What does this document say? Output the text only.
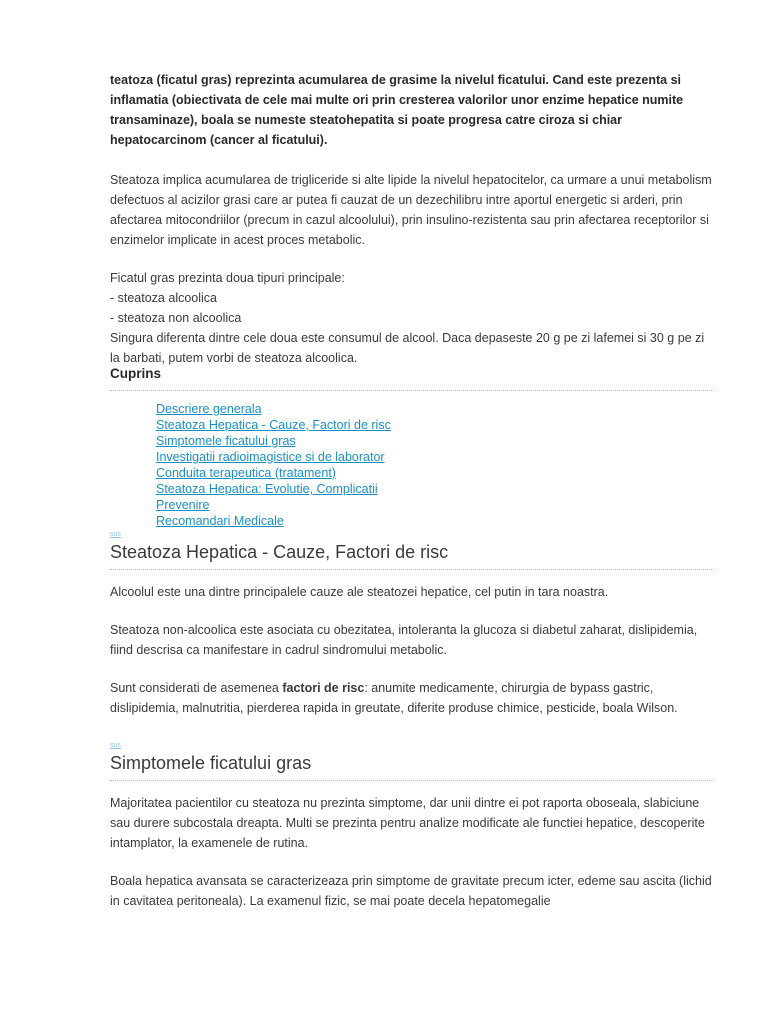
teatoza (ficatul gras) reprezinta acumularea de grasime la nivelul ficatului. Cand este prezenta si inflamatia (obiectivata de cele mai multe ori prin cresterea valorilor unor enzime hepatice numite transaminaze), boala se numeste steatohepatita si poate progresa catre ciroza si chiar hepatocarcinom (cancer al ficatului).

Steatoza implica acumularea de trigliceride si alte lipide la nivelul hepatocitelor, ca urmare a unui metabolism defectuos al acizilor grasi care ar putea fi cauzat de un dezechilibru intre aportul energetic si arderi, prin afectarea mitocondriilor (precum in cazul alcoolului), prin insulino-rezistenta sau prin afectarea receptorilor si enzimelor implicate in acest proces metabolic.

Ficatul gras prezinta doua tipuri principale:
- steatoza alcoolica
- steatoza non alcoolica
Singura diferenta dintre cele doua este consumul de alcool. Daca depaseste 20 g pe zi lafemei si 30 g pe zi la barbati, putem vorbi de steatoza alcoolica.

Cuprins
Descriere generala
Steatoza Hepatica - Cauze, Factori de risc
Simptomele ficatului gras
Investigatii radioimagistice si de laborator
Conduita terapeutica (tratament)
Steatoza Hepatica: Evolutie, Complicatii
Prevenire
Recomandari Medicale
sus
Steatoza Hepatica - Cauze, Factori de risc

Alcoolul este una dintre principalele cauze ale steatozei hepatice, cel putin in tara noastra.

Steatoza non-alcoolica este asociata cu obezitatea, intoleranta la glucoza si diabetul zaharat, dislipidemia, fiind descrisa ca manifestare in cadrul sindromului metabolic.

Sunt considerati de asemenea factori de risc: anumite medicamente, chirurgia de bypass gastric, dislipidemia, malnutritia, pierderea rapida in greutate, diferite produse chimice, pesticide, boala Wilson.

sus
Simptomele ficatului gras

Majoritatea pacientilor cu steatoza nu prezinta simptome, dar unii dintre ei pot raporta oboseala, slabiciune sau durere subcostala dreapta. Multi se prezinta pentru analize modificate ale functiei hepatice, descoperite intamplator, la examenele de rutina.

Boala hepatica avansata se caracterizeaza prin simptome de gravitate precum icter, edeme sau ascita (lichid in cavitatea peritoneala). La examenul fizic, se mai poate decela hepatomegalie
